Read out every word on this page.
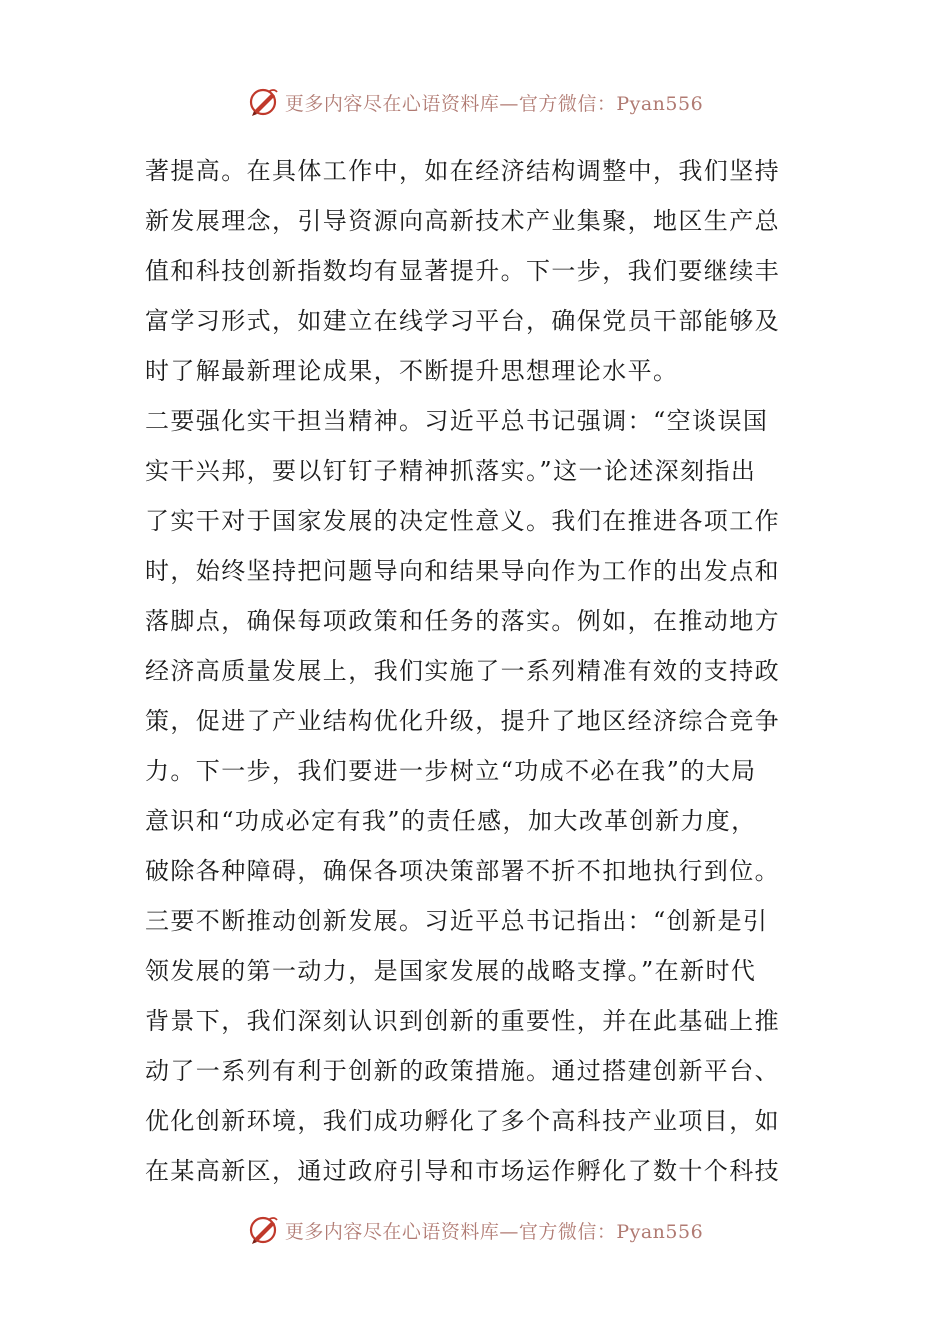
更多内容尽在心语资料库—官方微信：Pyan556
著提高。在具体工作中，如在经济结构调整中，我们坚持
新发展理念，引导资源向高新技术产业集聚，地区生产总
值和科技创新指数均有显著提升。下一步，我们要继续丰
富学习形式，如建立在线学习平台，确保党员干部能够及
时了解最新理论成果，不断提升思想理论水平。
二要强化实干担当精神。习近平总书记强调：“空谈误国
实干兴邦，要以钉钉子精神抓落实。”这一论述深刻指出
了实干对于国家发展的决定性意义。我们在推进各项工作
时，始终坚持把问题导向和结果导向作为工作的出发点和
落脚点，确保每项政策和任务的落实。例如，在推动地方
经济高质量发展上，我们实施了一系列精准有效的支持政
策，促进了产业结构优化升级，提升了地区经济综合竞争
力。下一步，我们要进一步树立“功成不必在我”的大局
意识和“功成必定有我”的责任感，加大改革创新力度，
破除各种障碍，确保各项决策部署不折不扣地执行到位。
三要不断推动创新发展。习近平总书记指出：“创新是引
领发展的第一动力，是国家发展的战略支撑。”在新时代
背景下，我们深刻认识到创新的重要性，并在此基础上推
动了一系列有利于创新的政策措施。通过搭建创新平台、
优化创新环境，我们成功孵化了多个高科技产业项目，如
在某高新区，通过政府引导和市场运作孵化了数十个科技
更多内容尽在心语资料库—官方微信：Pyan556
